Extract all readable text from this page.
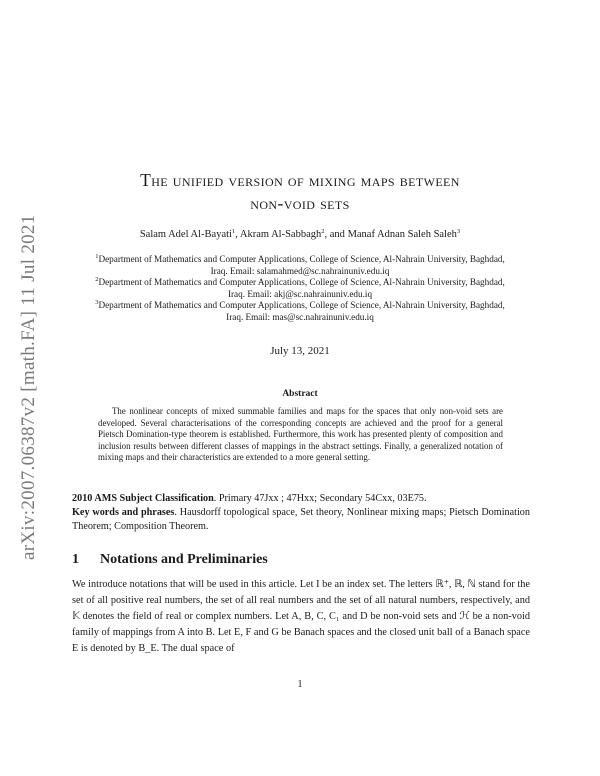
arXiv:2007.06387v2 [math.FA] 11 Jul 2021
The unified version of mixing maps between
non-void sets
Salam Adel Al-Bayati$^1$, Akram Al-Sabbagh$^2$, and Manaf Adnan Saleh Saleh$^3$
$^1$Department of Mathematics and Computer Applications, College of Science, Al-Nahrain University, Baghdad,
Iraq. Email: salamahmed@sc.nahrainuniv.edu.iq
$^2$Department of Mathematics and Computer Applications, College of Science, Al-Nahrain University, Baghdad,
Iraq. Email: akj@sc.nahrainuniv.edu.iq
$^3$Department of Mathematics and Computer Applications, College of Science, Al-Nahrain University, Baghdad,
Iraq. Email: mas@sc.nahrainuniv.edu.iq
July 13, 2021
Abstract
The nonlinear concepts of mixed summable families and maps for the spaces that only non-void sets are developed. Several characterisations of the corresponding concepts are achieved and the proof for a general Pietsch Domination-type theorem is established. Furthermore, this work has presented plenty of composition and inclusion results between different classes of mappings in the abstract settings. Finally, a generalized notation of mixing maps and their characteristics are extended to a more general setting.
2010 AMS Subject Classification. Primary 47Jxx ; 47Hxx; Secondary 54Cxx, 03E75.
Key words and phrases. Hausdorff topological space, Set theory, Nonlinear mixing maps; Pietsch Domination Theorem; Composition Theorem.
1 Notations and Preliminaries
We introduce notations that will be used in this article. Let I be an index set. The letters ℝ⁺, ℝ, ℕ stand for the set of all positive real numbers, the set of all real numbers and the set of all natural numbers, respectively, and 𝕂 denotes the field of real or complex numbers. Let A, B, C, C₁ and D be non-void sets and ℋ be a non-void family of mappings from A into B. Let E, F and G be Banach spaces and the closed unit ball of a Banach space E is denoted by B_E. The dual space of
1
